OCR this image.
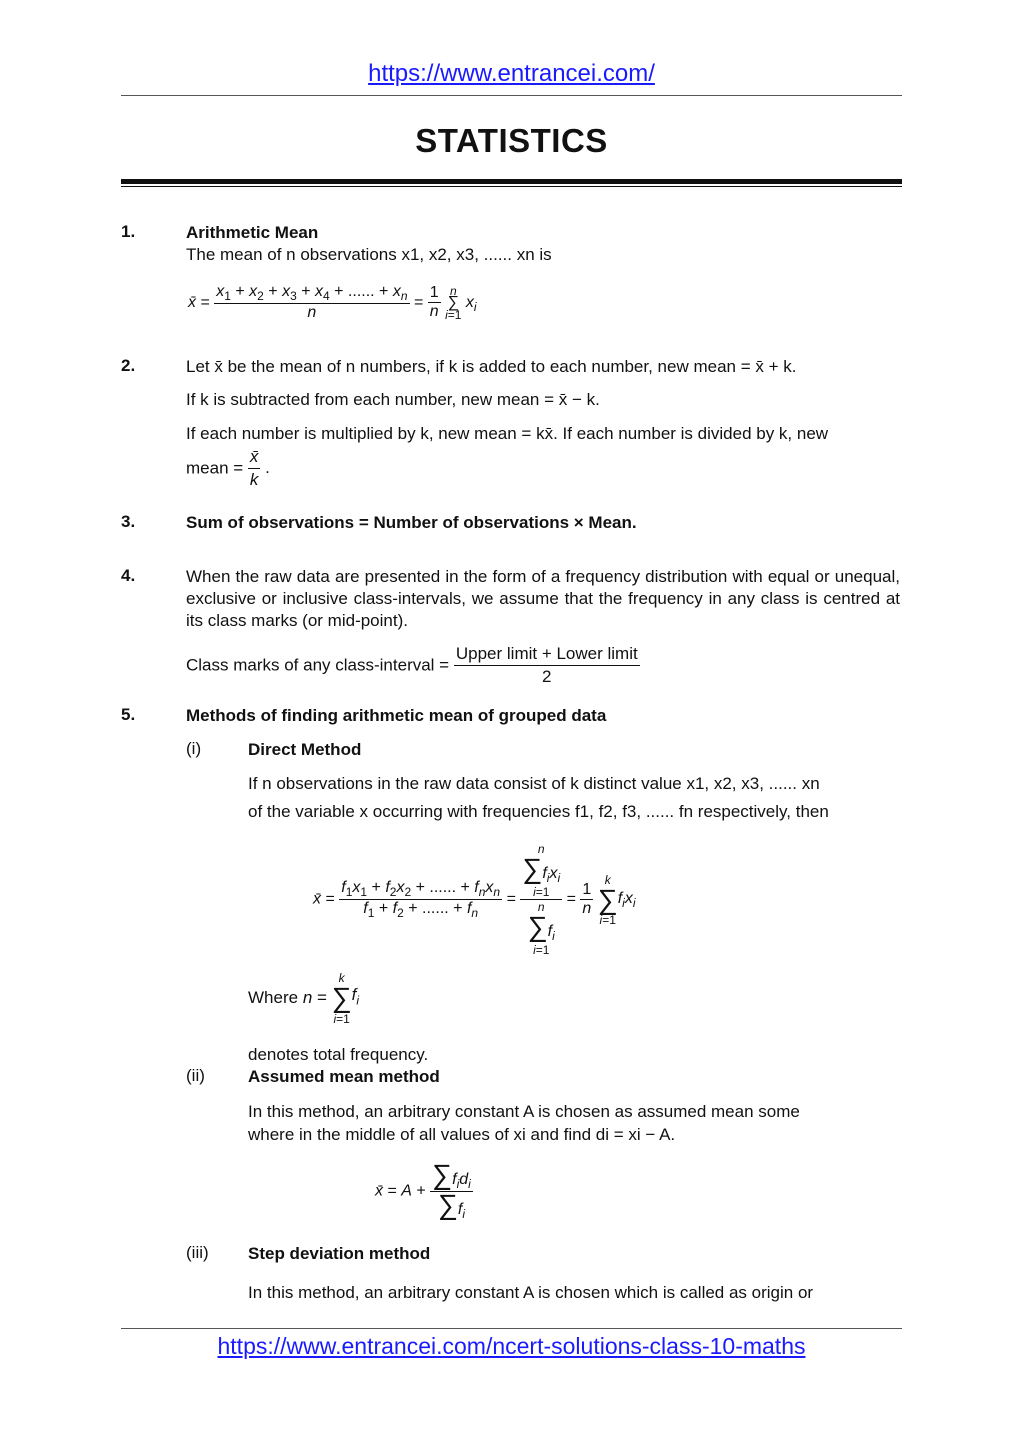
https://www.entrancei.com/
STATISTICS
1.	Arithmetic Mean
The mean of n observations x1, x2, x3, ...... xn is
x̄ = $\frac{x_1 + x_2 + x_3 + x_4 + ...... + x_n}{n} = \frac{1}{n}$ n
∑
i=1 $x_i$
2.	Let x̄ be the mean of n numbers, if k is added to each number, new mean = x̄ + k.
If k is subtracted from each number, new mean = x̄ − k.
If each number is multiplied by k, new mean = kx̄. If each number is divided by k, new
mean = $\frac{x̄}{k}$ .
3.	Sum of observations = Number of observations × Mean.
4.	When the raw data are presented in the form of a frequency distribution with equal or unequal, exclusive or inclusive class-intervals, we assume that the frequency in any class is centred at its class marks (or mid-point).
Class marks of any class-interval = $\frac{\text{Upper limit + Lower limit}}{2}$
5.	Methods of finding arithmetic mean of grouped data
(i)	Direct Method
If n observations in the raw data consist of k distinct value x1, x2, x3, ...... xn
of the variable x occurring with frequencies f1, f2, f3, ...... fn respectively, then
x̄ = $\frac{f_1x_1 + f_2x_2 + ...... + f_nx_n}{f_1 + f_2 + ...... + f_n}$ =
n
$\sum f_ix_i$
i=1
n
$\sum f_i$
i=1
= $\frac{1}{n}$
k
∑
$i=1f_ix_i$
Where n = k
∑
$i=1f_i$
denotes total frequency.
(ii)	Assumed mean method
In this method, an arbitrary constant A is chosen as assumed mean some
where in the middle of all values of xi and find di = xi − A.
x̄ = $A + \frac{\sum f_id_i}{\sum f_i}$
(iii) Step deviation method
In this method, an arbitrary constant A is chosen which is called as origin or
https://www.entrancei.com/ncert-solutions-class-10-maths
